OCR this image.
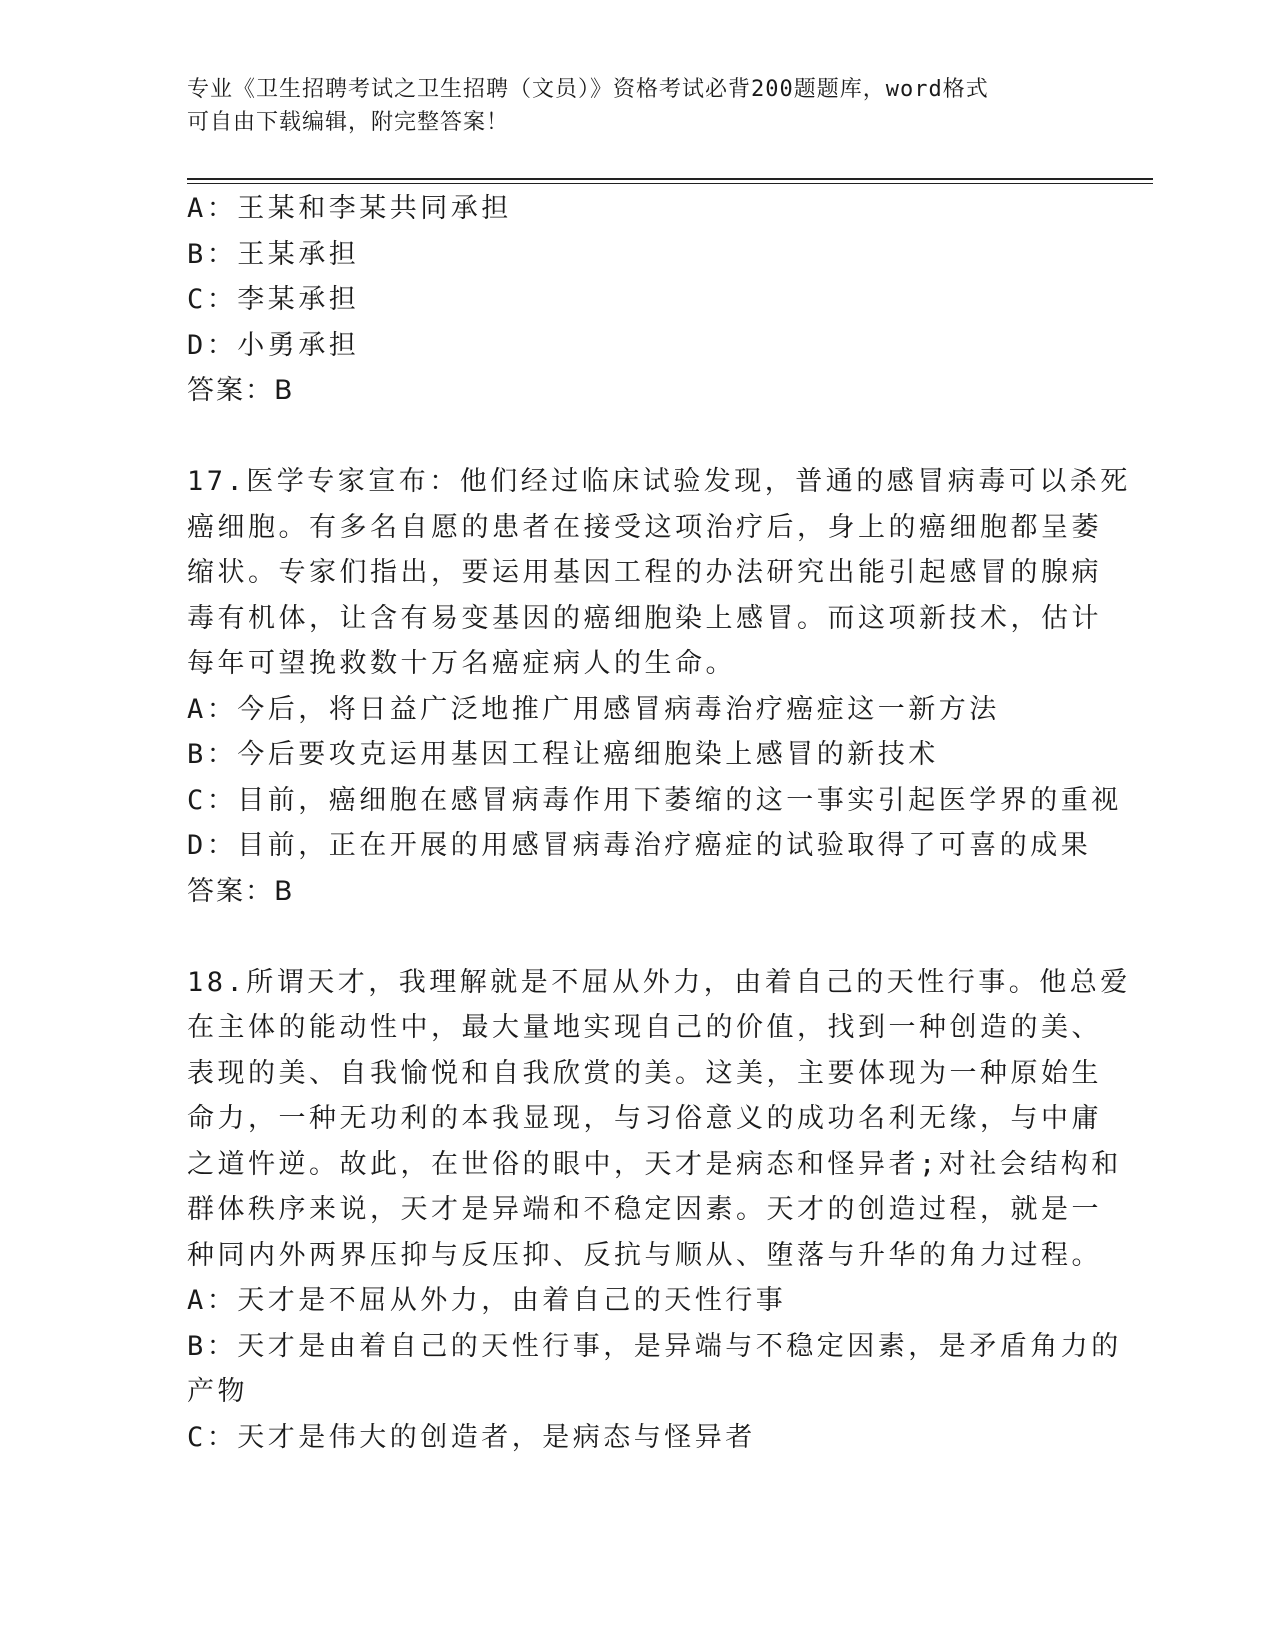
专业《卫生招聘考试之卫生招聘（文员）》资格考试必背200题题库，word格式
可自由下载编辑，附完整答案！
A：王某和李某共同承担
B：王某承担
C：李某承担
D：小勇承担
答案：B
17.医学专家宣布：他们经过临床试验发现，普通的感冒病毒可以杀死
癌细胞。有多名自愿的患者在接受这项治疗后，身上的癌细胞都呈萎
缩状。专家们指出，要运用基因工程的办法研究出能引起感冒的腺病
毒有机体，让含有易变基因的癌细胞染上感冒。而这项新技术，估计
每年可望挽救数十万名癌症病人的生命。
A：今后，将日益广泛地推广用感冒病毒治疗癌症这一新方法
B：今后要攻克运用基因工程让癌细胞染上感冒的新技术
C：目前，癌细胞在感冒病毒作用下萎缩的这一事实引起医学界的重视
D：目前，正在开展的用感冒病毒治疗癌症的试验取得了可喜的成果
答案：B
18.所谓天才，我理解就是不屈从外力，由着自己的天性行事。他总爱
在主体的能动性中，最大量地实现自己的价值，找到一种创造的美、
表现的美、自我愉悦和自我欣赏的美。这美，主要体现为一种原始生
命力，一种无功利的本我显现，与习俗意义的成功名利无缘，与中庸
之道忤逆。故此，在世俗的眼中，天才是病态和怪异者;对社会结构和
群体秩序来说，天才是异端和不稳定因素。天才的创造过程，就是一
种同内外两界压抑与反压抑、反抗与顺从、堕落与升华的角力过程。
A：天才是不屈从外力，由着自己的天性行事
B：天才是由着自己的天性行事，是异端与不稳定因素，是矛盾角力的
产物
C：天才是伟大的创造者，是病态与怪异者
